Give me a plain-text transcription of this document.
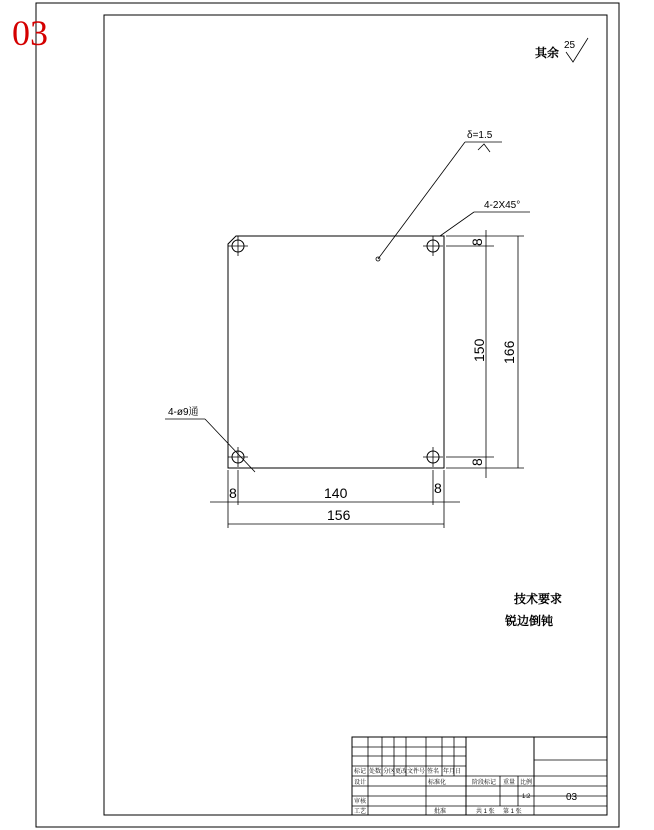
03	其余
25
δ=1.5
4-2X45°
4-ø9通
8	140	8
156
8
150
8
166
技术要求
锐边倒钝
标记 处数 分区 更改文件号 签名 年月日
设计	标准化
审核
工艺	批准
阶段标记 重量 比例
1:2	03
共 1 张 第 1 张
